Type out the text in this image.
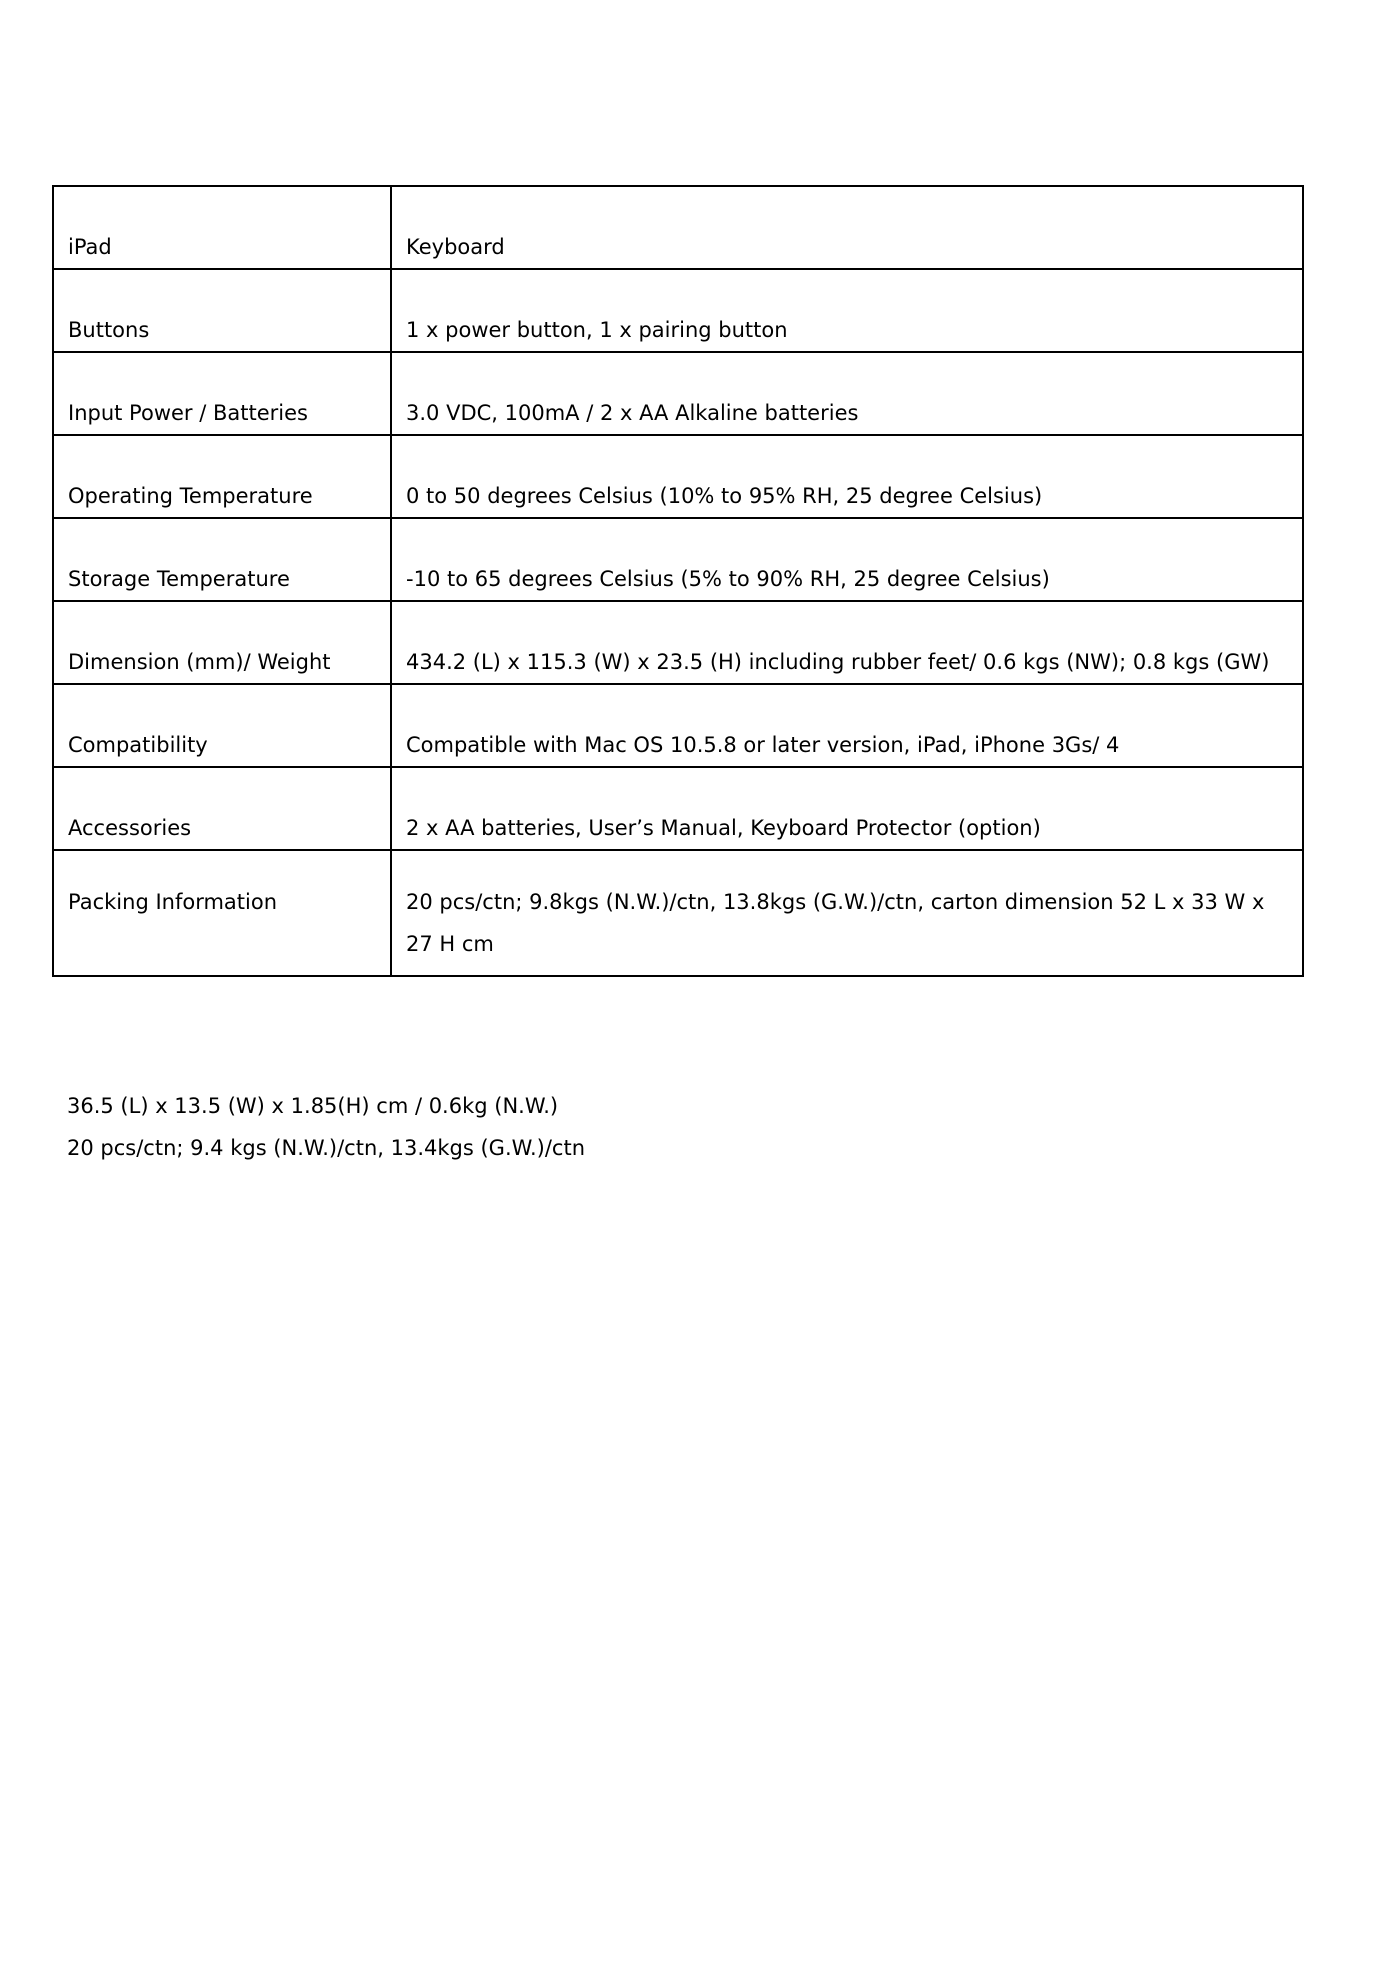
iPad	Keyboard
Buttons	1 x power button, 1 x pairing button
Input Power / Batteries	3.0 VDC, 100mA / 2 x AA Alkaline batteries
Operating Temperature	0 to 50 degrees Celsius (10% to 95% RH, 25 degree Celsius)
Storage Temperature	-10 to 65 degrees Celsius (5% to 90% RH, 25 degree Celsius)
Dimension (mm)/ Weight	434.2 (L) x 115.3 (W) x 23.5 (H) including rubber feet/ 0.6 kgs (NW); 0.8 kgs (GW)
Compatibility	Compatible with Mac OS 10.5.8 or later version, iPad, iPhone 3Gs/ 4
Accessories	2 x AA batteries, User’s Manual, Keyboard Protector (option)
Packing Information	20 pcs/ctn; 9.8kgs (N.W.)/ctn, 13.8kgs (G.W.)/ctn, carton dimension 52 L x 33 W x 27 H cm
36.5 (L) x 13.5 (W) x 1.85(H) cm / 0.6kg (N.W.)
20 pcs/ctn; 9.4 kgs (N.W.)/ctn, 13.4kgs (G.W.)/ctn
